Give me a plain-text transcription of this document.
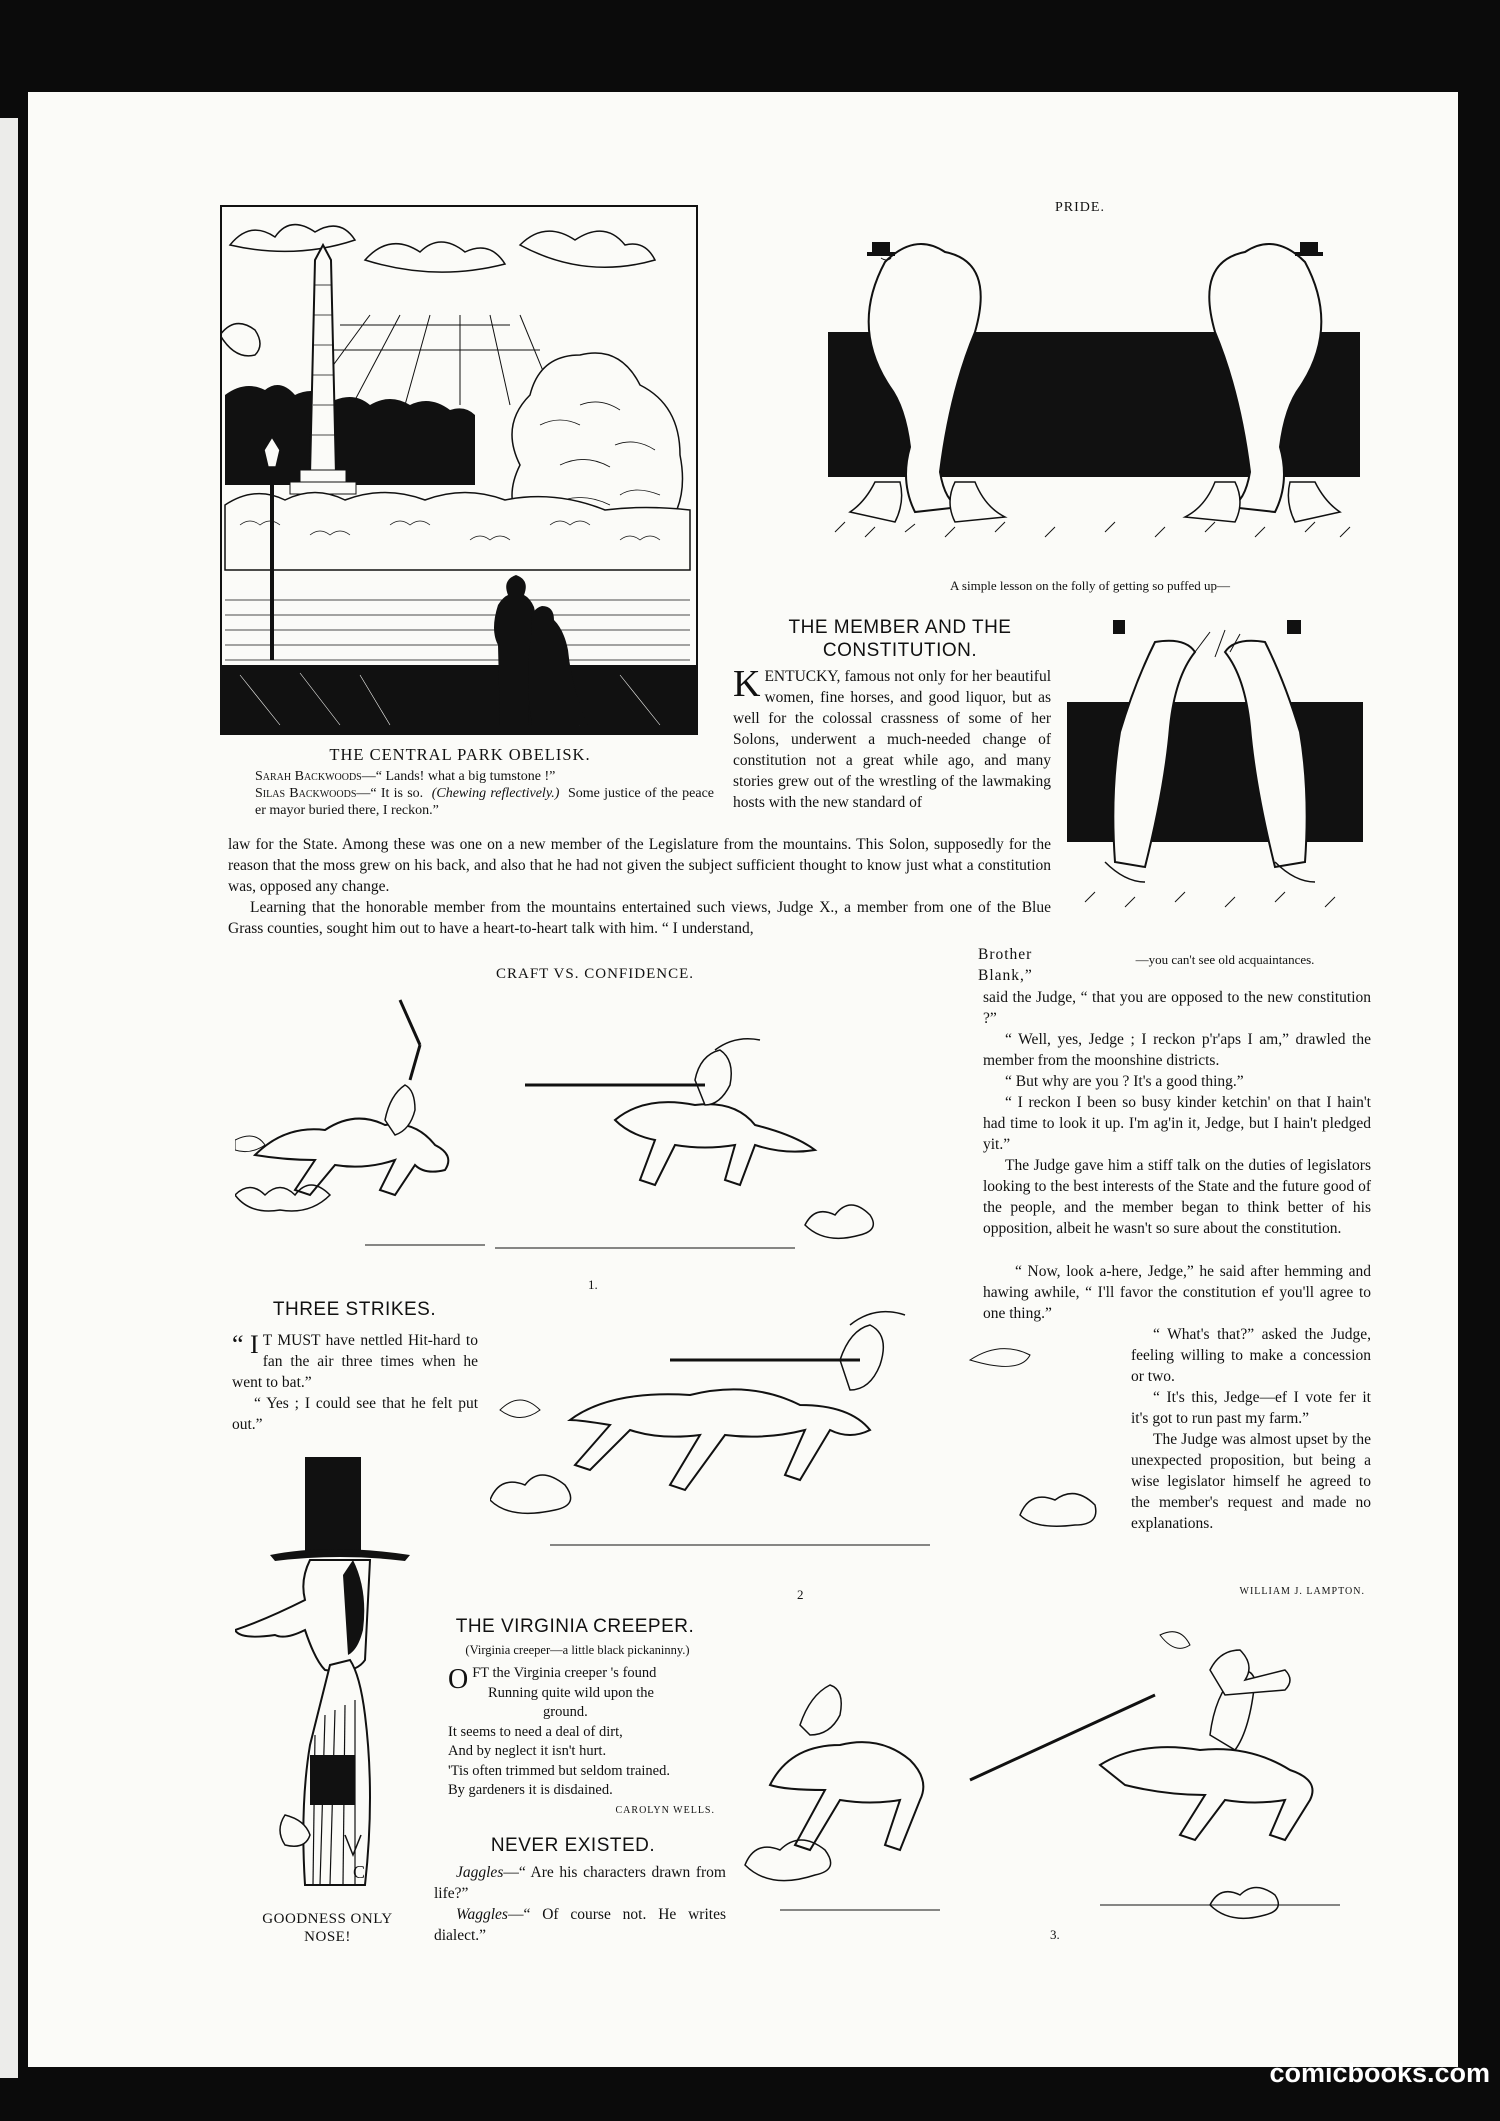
THE CENTRAL PARK OBELISK.
Sarah Backwoods—“ Lands! what a big tumstone !”
Silas Backwoods—“ It is so. (Chewing reflectively.) Some justice of the peace er mayor buried there, I reckon.”
PRIDE.
A simple lesson on the folly of getting so puffed up—
—you can't see old acquaintances.
THE MEMBER AND THE
CONSTITUTION.
KENTUCKY, famous not only for her beautiful women, fine horses, and good liquor, but as well for the colossal crassness of some of her Solons, underwent a much-needed change of constitution not a great while ago, and many stories grew out of the wrestling of the lawmaking hosts with the new standard of

law for the State. Among these was one on a new member of the Legislature from the mountains. This Solon, supposedly for the reason that the moss grew on his back, and also that he had not given the subject sufficient thought to know just what a constitution was, opposed any change.

Learning that the honorable member from the mountains entertained such views, Judge X., a member from one of the Blue Grass counties, sought him out to have a heart-to-heart talk with him. “ I understand,

Brother
Blank,”

said the Judge, “ that you are opposed to the new constitution ?”

“ Well, yes, Jedge ; I reckon p'r'aps I am,” drawled the member from the moonshine districts.

“ But why are you ? It's a good thing.”

“ I reckon I been so busy kinder ketchin' on that I hain't had time to look it up. I'm ag'in it, Jedge, but I hain't pledged yit.”

The Judge gave him a stiff talk on the duties of legislators looking to the best interests of the State and the future good of the people, and the member began to think better of his opposition, albeit he wasn't so sure about the constitution.

“ Now, look a-here, Jedge,” he said after hemming and hawing awhile, “ I'll favor the constitution ef you'll agree to one thing.”

“ What's that?” asked the Judge, feeling willing to make a concession or two.

“ It's this, Jedge—ef I vote fer it it's got to run past my farm.”

The Judge was almost upset by the unexpected proposition, but being a wise legislator himself he agreed to the member's request and made no explanations.

WILLIAM J. LAMPTON.
CRAFT VS. CONFIDENCE.
1.
2
3.
THREE STRIKES.

“ I T MUST have nettled Hit-hard to fan the air three times when he went to bat.”

“ Yes ; I could see that he felt put out.”

C
GOODNESS ONLY
NOSE!
THE VIRGINIA CREEPER.
(Virginia creeper—a little black pickaninny.)
OFT the Virginia creeper 's found
Running quite wild upon the
ground.
It seems to need a deal of dirt,
And by neglect it isn't hurt.
'Tis often trimmed but seldom trained.
By gardeners it is disdained.
CAROLYN WELLS.
NEVER EXISTED.

Jaggles—“ Are his characters drawn from life?”

Waggles—“ Of course not. He writes dialect.”

comicbooks.com
